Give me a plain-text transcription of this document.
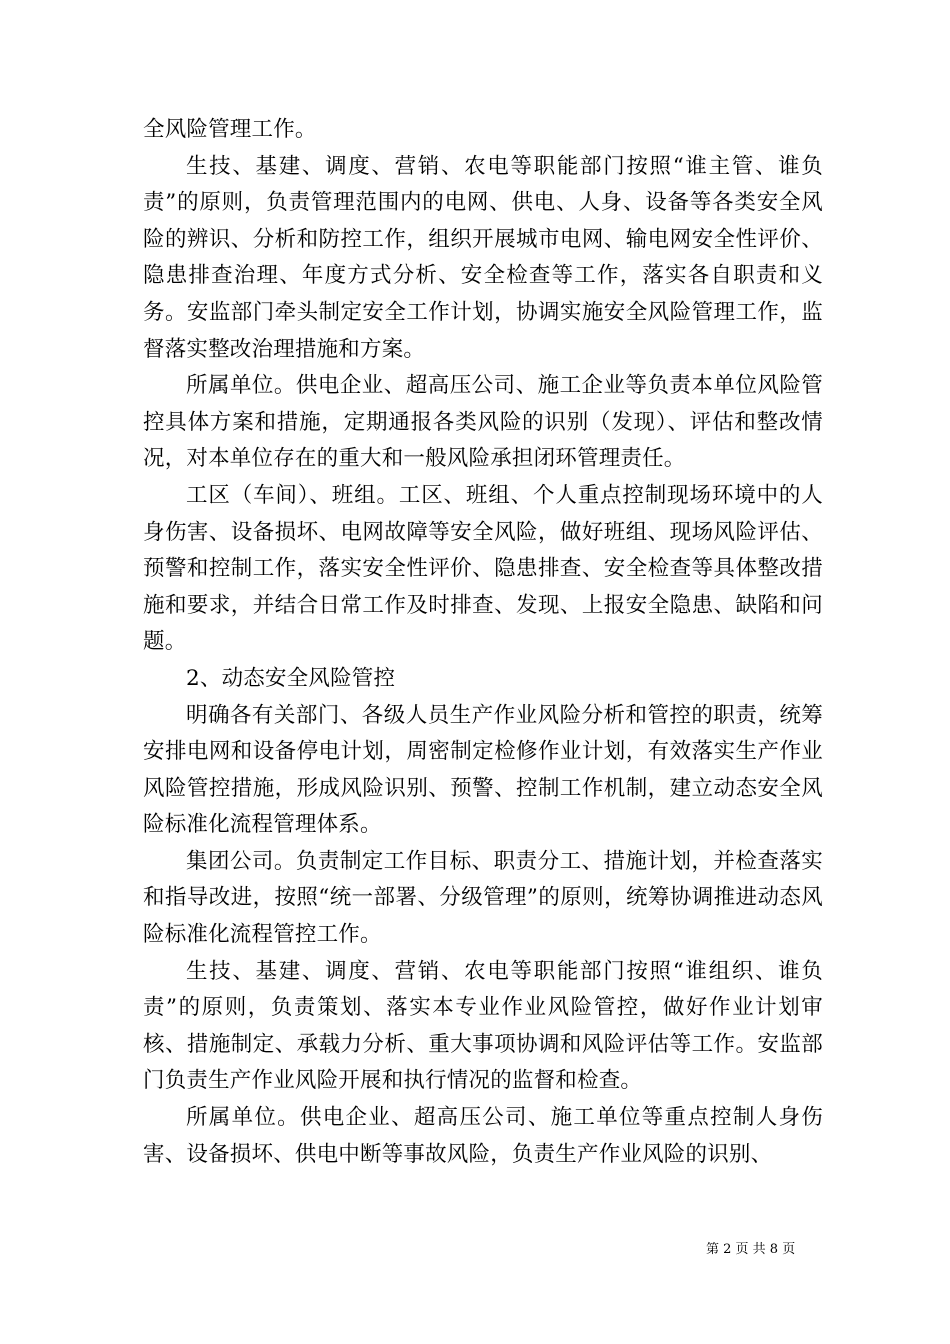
全风险管理工作。

生技、基建、调度、营销、农电等职能部门按照“谁主管、谁负责”的原则，负责管理范围内的电网、供电、人身、设备等各类安全风险的辨识、分析和防控工作，组织开展城市电网、输电网安全性评价、隐患排查治理、年度方式分析、安全检查等工作，落实各自职责和义务。安监部门牵头制定安全工作计划，协调实施安全风险管理工作，监督落实整改治理措施和方案。

所属单位。供电企业、超高压公司、施工企业等负责本单位风险管控具体方案和措施，定期通报各类风险的识别（发现）、评估和整改情况，对本单位存在的重大和一般风险承担闭环管理责任。

工区（车间）、班组。工区、班组、个人重点控制现场环境中的人身伤害、设备损坏、电网故障等安全风险，做好班组、现场风险评估、预警和控制工作，落实安全性评价、隐患排查、安全检查等具体整改措施和要求，并结合日常工作及时排查、发现、上报安全隐患、缺陷和问题。

2、动态安全风险管控

明确各有关部门、各级人员生产作业风险分析和管控的职责，统筹安排电网和设备停电计划，周密制定检修作业计划，有效落实生产作业风险管控措施，形成风险识别、预警、控制工作机制，建立动态安全风险标准化流程管理体系。

集团公司。负责制定工作目标、职责分工、措施计划，并检查落实和指导改进，按照“统一部署、分级管理”的原则，统筹协调推进动态风险标准化流程管控工作。

生技、基建、调度、营销、农电等职能部门按照“谁组织、谁负责”的原则，负责策划、落实本专业作业风险管控，做好作业计划审核、措施制定、承载力分析、重大事项协调和风险评估等工作。安监部门负责生产作业风险开展和执行情况的监督和检查。

所属单位。供电企业、超高压公司、施工单位等重点控制人身伤害、设备损坏、供电中断等事故风险，负责生产作业风险的识别、

第 2 页 共 8 页
